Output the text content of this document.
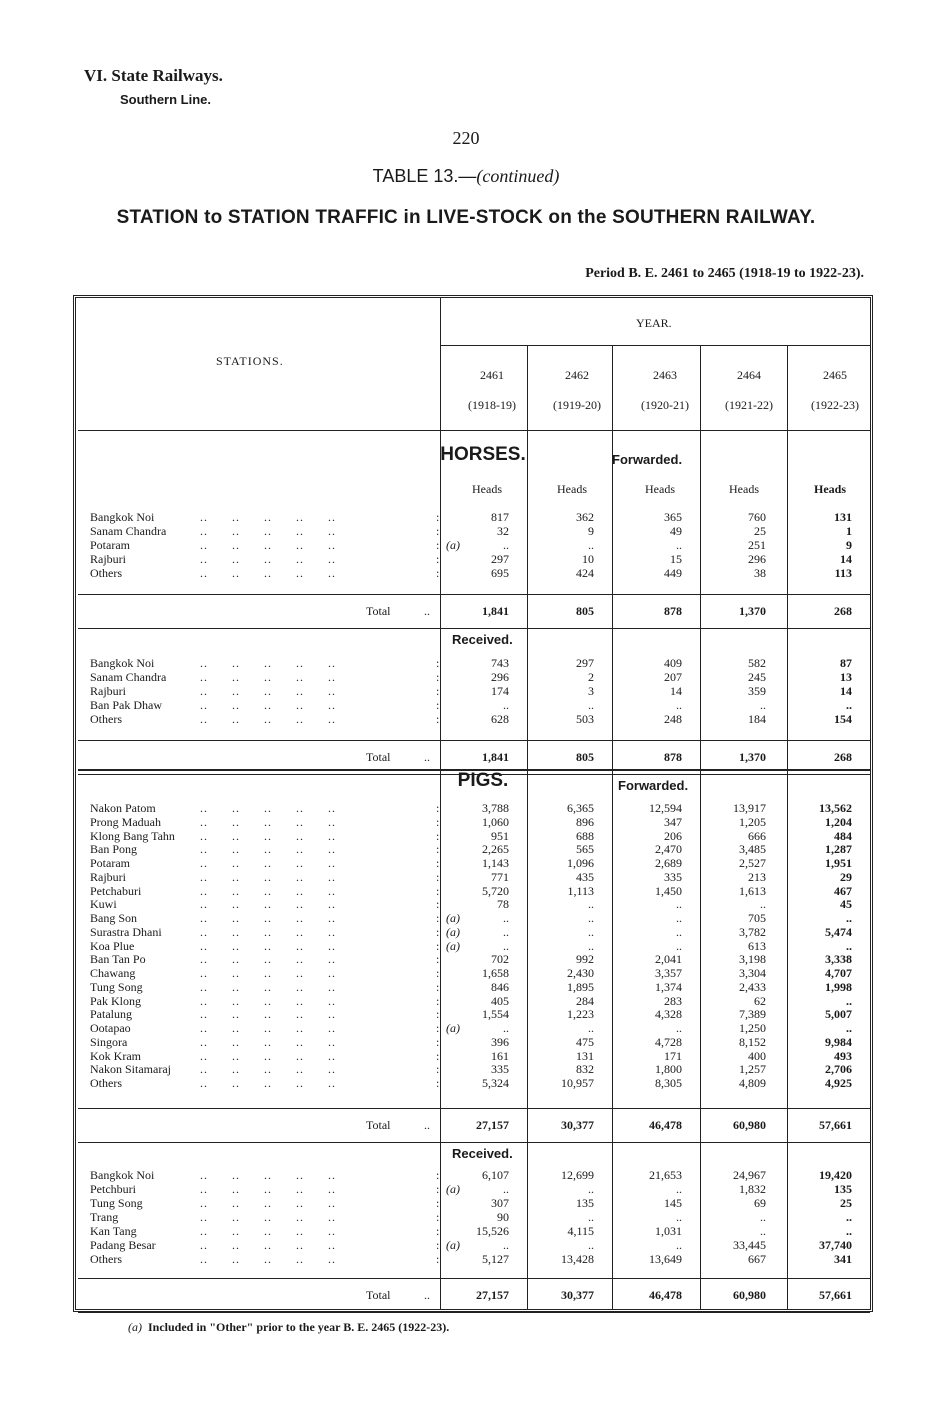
VI. State Railways.
Southern Line.
220
TABLE 13.—(continued)
STATION to STATION TRAFFIC in LIVE-STOCK on the SOUTHERN RAILWAY.
Period B. E. 2461 to 2465 (1918-19 to 1922-23).
YEAR.
STATIONS.
2461
(1918-19)
2462
(1919-20)
2463
(1920-21)
2464
(1921-22)
2465
(1922-23)
HORSES.	Forwarded.
Heads	Heads	Heads	Heads	Heads
Bangkok Noi	..      ..      ..      ..      ..	:	817	362	365	760	131
Sanam Chandra	..      ..      ..      ..      ..	:	32	9	49	25	1
Potaram	..      ..      ..      ..      ..	: (a)	..	..	..	251	9
Rajburi	..      ..      ..      ..      ..	:	297	10	15	296	14
Others	..      ..      ..      ..      ..	:	695	424	449	38	113
Total	..	1,841	805	878	1,370	268
Received.
Bangkok Noi	..      ..      ..      ..      ..	:	743	297	409	582	87
Sanam Chandra	..      ..      ..      ..      ..	:	296	2	207	245	13
Rajburi	..      ..      ..      ..      ..	:	174	3	14	359	14
Ban Pak Dhaw	..      ..      ..      ..      ..	:	..	..	..	..	..
Others	..      ..      ..      ..      ..	:	628	503	248	184	154
Total	..	1,841	805	878	1,370	268
PIGS.	Forwarded.
Nakon Patom	..      ..      ..      ..      ..	:	3,788	6,365	12,594	13,917	13,562
Prong Maduah	..      ..      ..      ..      ..	:	1,060	896	347	1,205	1,204
Klong Bang Tahn ..      ..      ..      ..      ..	:	951	688	206	666	484
Ban Pong	..      ..      ..      ..      ..	:	2,265	565	2,470	3,485	1,287
Potaram	..      ..      ..      ..      ..	:	1,143	1,096	2,689	2,527	1,951
Rajburi	..      ..      ..      ..      ..	:	771	435	335	213	29
Petchaburi	..      ..      ..      ..      ..	:	5,720	1,113	1,450	1,613	467
Kuwi	..      ..      ..      ..      ..	:	78	..	..	..	45
Bang Son	..      ..      ..      ..      ..	: (a)	..	..	..	705	..
Surastra Dhani	..      ..      ..      ..      ..	: (a)	..	..	..	3,782	5,474
Koa Plue	..      ..      ..      ..      ..	: (a)	..	..	..	613	..
Ban Tan Po	..      ..      ..      ..      ..	:	702	992	2,041	3,198	3,338
Chawang	..      ..      ..      ..      ..	:	1,658	2,430	3,357	3,304	4,707
Tung Song	..      ..      ..      ..      ..	:	846	1,895	1,374	2,433	1,998
Pak Klong	..      ..      ..      ..      ..	:	405	284	283	62	..
Patalung	..      ..      ..      ..      ..	:	1,554	1,223	4,328	7,389	5,007
Ootapao	..      ..      ..      ..      ..	: (a)	..	..	..	1,250	..
Singora	..      ..      ..      ..      ..	:	396	475	4,728	8,152	9,984
Kok Kram	..      ..      ..      ..      ..	:	161	131	171	400	493
Nakon Sitamaraj ..      ..      ..      ..      ..	:	335	832	1,800	1,257	2,706
Others	..      ..      ..      ..      ..	:	5,324	10,957	8,305	4,809	4,925
Total	..	27,157	30,377	46,478	60,980	57,661
Received.
Bangkok Noi	..      ..      ..      ..      ..	:	6,107	12,699	21,653	24,967	19,420
Petchburi	..      ..      ..      ..      ..	: (a)	..	..	..	1,832	135
Tung Song	..      ..      ..      ..      ..	:	307	135	145	69	25
Trang	..      ..      ..      ..      ..	:	90	..	..	..	..
Kan Tang	..      ..      ..      ..      ..	:	15,526	4,115	1,031	..	..
Padang Besar	..      ..      ..      ..      ..	: (a)	..	..	..	33,445	37,740
Others	..      ..      ..      ..      ..	:	5,127	13,428	13,649	667	341
Total	..	27,157	30,377	46,478	60,980	57,661
(a) Included in "Other" prior to the year B. E. 2465 (1922-23).
